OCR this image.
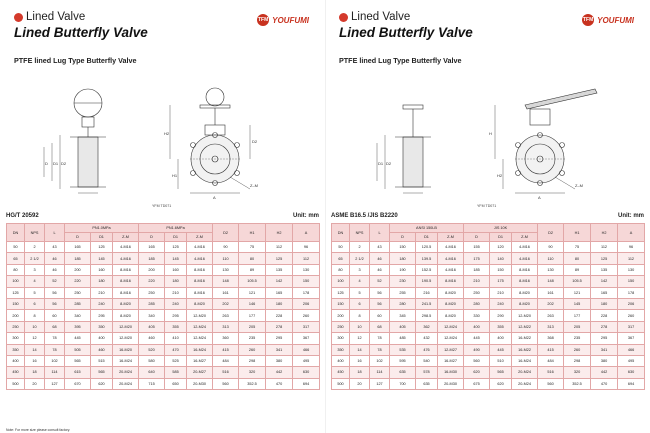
Lined Valve
Lined Butterfly Valve
TFM YOUFUMI
PTFE lined Lug Type Butterfly Valve
D2
D1
D
H2
H1
D2
A
Z–M
YFM TD071
HG/T 20592	Unit: mm
DN	NPS	L	PN1.0MPa			PN1.6MPa			D2	H1	H2	A
			D	D1	Z-M	D	D1	Z-M				
50	2	43	165	125	4-M16	165	125	4-M16	90	75	112	96
65	2 1/2	46	185	145	4-M16	185	145	4-M16	110	80	125	112
80	3	46	200	160	8-M16	200	160	8-M16	130	89	135	130
100	4	52	220	180	8-M16	220	180	8-M16	148	105.5	142	150
125	5	56	250	210	8-M16	250	210	8-M16	161	121	165	178
150	6	56	285	240	8-M20	285	240	8-M20	202	146	180	206
200	8	60	340	295	8-M20	340	295	12-M20	263	177	228	260
250	10	68	395	350	12-M20	405	355	12-M24	313	205	278	317
300	12	78	445	400	12-M20	460	410	12-M24	360	235	295	367
350	14	78	505	460	16-M20	520	470	16-M24	415	260	341	466
400	16	102	565	515	16-M24	580	525	16-M27	484	298	380	495
450	18	114	615	565	20-M24	640	585	20-M27	516	320	442	630
500	20	127	670	620	20-M24	715	650	20-M30	560	352.5	470	694
Note: For more size please consult factory.
Lined Valve
Lined Butterfly Valve
TFM YOUFUMI
PTFE lined Lug Type Butterfly Valve
D2
D1
H
H2
A
Z–M
YFM TD071
ASME B16.5 /JIS B2220	Unit: mm
DN	NPS	L	ANSI 150LB			JIS 10K			D2	H1	H2	A
			D	D1	Z-M	D	D1	Z-M				
50	2	43	150	120.5	4-M16	155	120	4-M16	90	75	112	96
65	2 1/2	46	180	139.5	4-M16	175	140	4-M16	110	80	125	112
80	3	46	190	152.5	4-M16	185	150	8-M16	130	89	135	130
100	4	52	230	190.5	8-M16	210	175	8-M16	148	105.5	142	150
125	5	56	255	216	8-M20	250	210	8-M20	161	121	165	178
150	6	56	280	241.5	8-M20	280	240	8-M20	202	145	180	206
200	8	60	345	298.5	8-M20	330	290	12-M20	263	177	228	260
250	10	68	405	362	12-M24	400	355	12-M22	313	205	278	317
300	12	78	485	432	12-M24	445	400	16-M22	368	235	295	367
350	14	78	535	476	12-M27	490	445	16-M22	415	260	341	466
400	16	102	595	540	16-M27	560	510	16-M24	484	298	380	495
450	18	114	635	578	16-M30	620	565	20-M24	516	320	442	630
500	20	127	700	635	20-M30	675	620	20-M24	560	352.5	470	694
